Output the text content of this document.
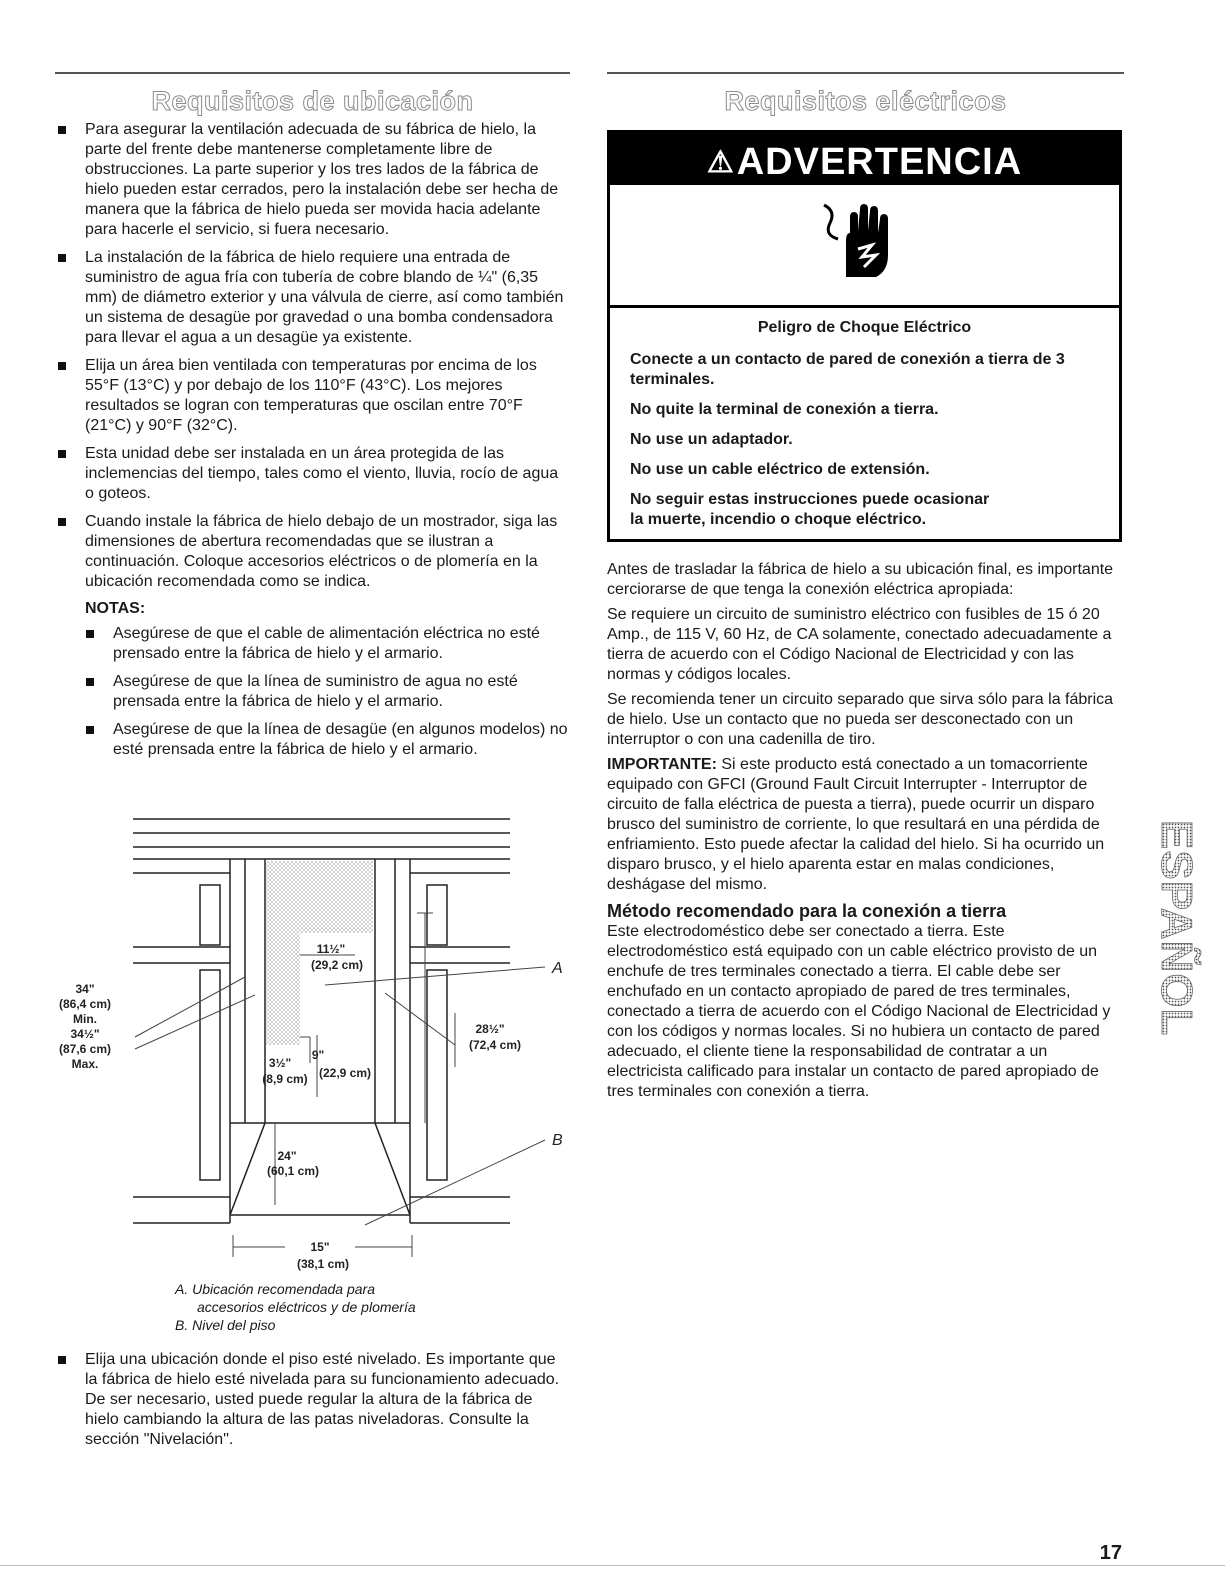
Requisitos de ubicación	Requisitos eléctricos
Para asegurar la ventilación adecuada de su fábrica de hielo, la parte del frente debe mantenerse completamente libre de obstrucciones. La parte superior y los tres lados de la fábrica de hielo pueden estar cerrados, pero la instalación debe ser hecha de manera que la fábrica de hielo pueda ser movida hacia adelante para hacerle el servicio, si fuera necesario.
La instalación de la fábrica de hielo requiere una entrada de suministro de agua fría con tubería de cobre blando de ¼" (6,35 mm) de diámetro exterior y una válvula de cierre, así como también un sistema de desagüe por gravedad o una bomba condensadora para llevar el agua a un desagüe ya existente.
Elija un área bien ventilada con temperaturas por encima de los 55°F (13°C) y por debajo de los 110°F (43°C). Los mejores resultados se logran con temperaturas que oscilan entre 70°F (21°C) y 90°F (32°C).
Esta unidad debe ser instalada en un área protegida de las inclemencias del tiempo, tales como el viento, lluvia, rocío de agua o goteos.
Cuando instale la fábrica de hielo debajo de un mostrador, siga las dimensiones de abertura recomendadas que se ilustran a continuación. Coloque accesorios eléctricos o de plomería en la ubicación recomendada como se indica.
NOTAS:
Asegúrese de que el cable de alimentación eléctrica no esté prensado entre la fábrica de hielo y el armario.
Asegúrese de que la línea de suministro de agua no esté prensada entre la fábrica de hielo y el armario.
Asegúrese de que la línea de desagüe (en algunos modelos) no esté prensada entre la fábrica de hielo y el armario.
34"
(86,4 cm)
Min.
34½"
(87,6 cm)
Max.
11½"
(29,2 cm)
3½"
(8,9 cm)
9"
(22,9 cm)
28½"
(72,4 cm)
24"
(60,1 cm)
15"
(38,1 cm)
A
B
A. Ubicación recomendada para
accesorios eléctricos y de plomería
B. Nivel del piso
Elija una ubicación donde el piso esté nivelado. Es importante que la fábrica de hielo esté nivelada para su funcionamiento adecuado. De ser necesario, usted puede regular la altura de la fábrica de hielo cambiando la altura de las patas niveladoras. Consulte la sección "Nivelación".
⚠ADVERTENCIA

Peligro de Choque Eléctrico

Conecte a un contacto de pared de conexión a tierra de 3 terminales.

No quite la terminal de conexión a tierra.

No use un adaptador.

No use un cable eléctrico de extensión.

No seguir estas instrucciones puede ocasionar
la muerte, incendio o choque eléctrico.

Antes de trasladar la fábrica de hielo a su ubicación final, es importante cerciorarse de que tenga la conexión eléctrica apropiada:

Se requiere un circuito de suministro eléctrico con fusibles de 15 ó 20 Amp., de 115 V, 60 Hz, de CA solamente, conectado adecuadamente a tierra de acuerdo con el Código Nacional de Electricidad y con las normas y códigos locales.

Se recomienda tener un circuito separado que sirva sólo para la fábrica de hielo. Use un contacto que no pueda ser desconectado con un interruptor o con una cadenilla de tiro.

IMPORTANTE: Si este producto está conectado a un tomacorriente equipado con GFCI (Ground Fault Circuit Interrupter - Interruptor de circuito de falla eléctrica de puesta a tierra), puede ocurrir un disparo brusco del suministro de corriente, lo que resultará en una pérdida de enfriamiento. Esto puede afectar la calidad del hielo. Si ha ocurrido un disparo brusco, y el hielo aparenta estar en malas condiciones, deshágase del mismo.

Método recomendado para la conexión a tierra

Este electrodoméstico debe ser conectado a tierra. Este electrodoméstico está equipado con un cable eléctrico provisto de un enchufe de tres terminales conectado a tierra. El cable debe ser enchufado en un contacto apropiado de pared de tres terminales, conectado a tierra de acuerdo con el Código Nacional de Electricidad y con los códigos y normas locales. Si no hubiera un contacto de pared adecuado, el cliente tiene la responsabilidad de contratar a un electricista calificado para instalar un contacto de pared apropiado de tres terminales con conexión a tierra.

ESPAÑOL
17
